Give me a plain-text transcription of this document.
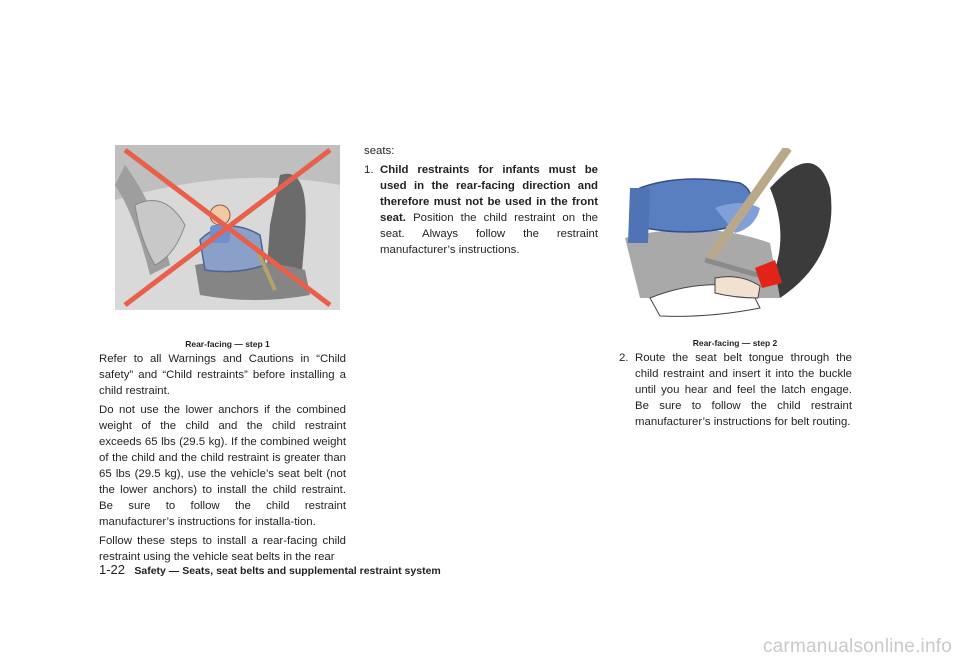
Rear-facing — step 1

Refer to all Warnings and Cautions in “Child safety” and “Child restraints” before installing a child restraint.

Do not use the lower anchors if the combined weight of the child and the child restraint exceeds 65 lbs (29.5 kg). If the combined weight of the child and the child restraint is greater than 65 lbs (29.5 kg), use the vehicle’s seat belt (not the lower anchors) to install the child restraint. Be sure to follow the child restraint manufacturer’s instructions for installa-tion.

Follow these steps to install a rear-facing child restraint using the vehicle seat belts in the rear

seats:

1. Child restraints for infants must be used in the rear-facing direction and therefore must not be used in the front seat. Position the child restraint on the seat. Always follow the restraint manufacturer’s instructions.
Rear-facing — step 2
2. Route the seat belt tongue through the child restraint and insert it into the buckle until you hear and feel the latch engage. Be sure to follow the child restraint manufacturer’s instructions for belt routing.
1-22 Safety — Seats, seat belts and supplemental restraint system
carmanualsonline.info
